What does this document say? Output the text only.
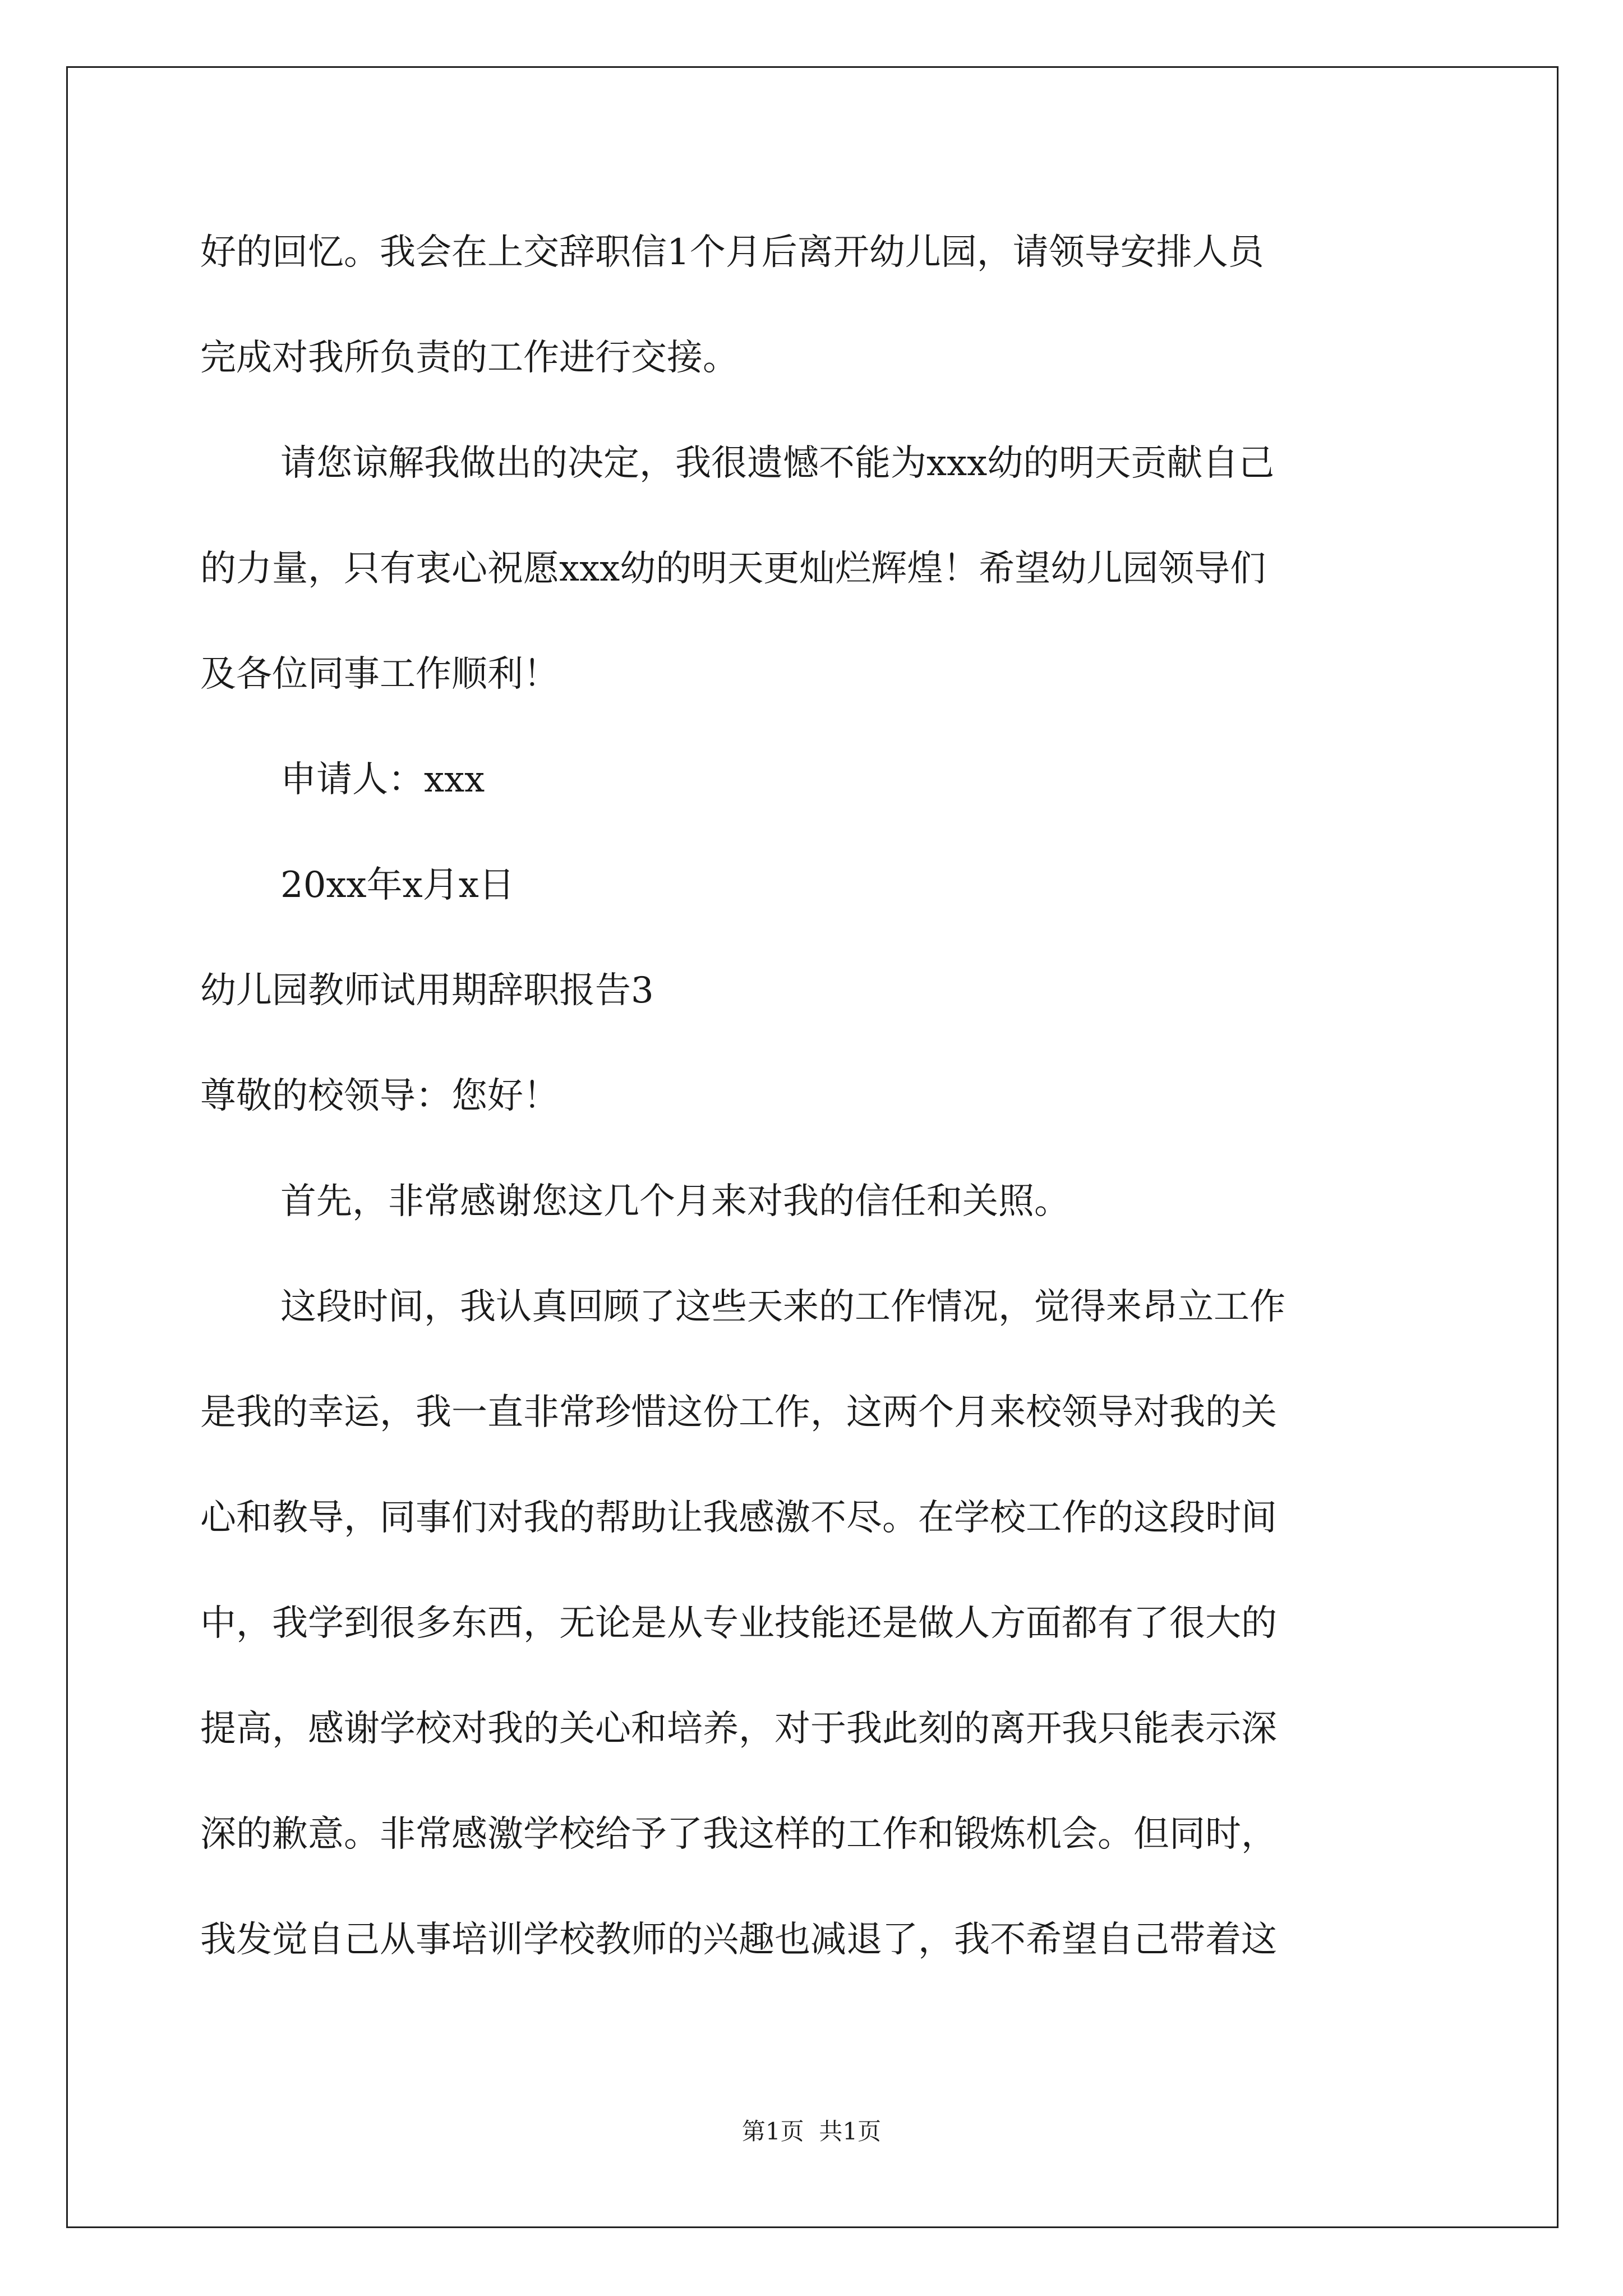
好的回忆。我会在上交辞职信1个月后离开幼儿园，请领导安排人员

完成对我所负责的工作进行交接。

请您谅解我做出的决定，我很遗憾不能为xxx幼的明天贡献自己

的力量，只有衷心祝愿xxx幼的明天更灿烂辉煌！希望幼儿园领导们

及各位同事工作顺利！

申请人：xxx

20xx年x月x日

幼儿园教师试用期辞职报告3

尊敬的校领导：您好！

首先，非常感谢您这几个月来对我的信任和关照。

这段时间，我认真回顾了这些天来的工作情况，觉得来昂立工作

是我的幸运，我一直非常珍惜这份工作，这两个月来校领导对我的关

心和教导，同事们对我的帮助让我感激不尽。在学校工作的这段时间

中，我学到很多东西，无论是从专业技能还是做人方面都有了很大的

提高，感谢学校对我的关心和培养，对于我此刻的离开我只能表示深

深的歉意。非常感激学校给予了我这样的工作和锻炼机会。但同时，

我发觉自己从事培训学校教师的兴趣也减退了，我不希望自己带着这

第1页  共1页
